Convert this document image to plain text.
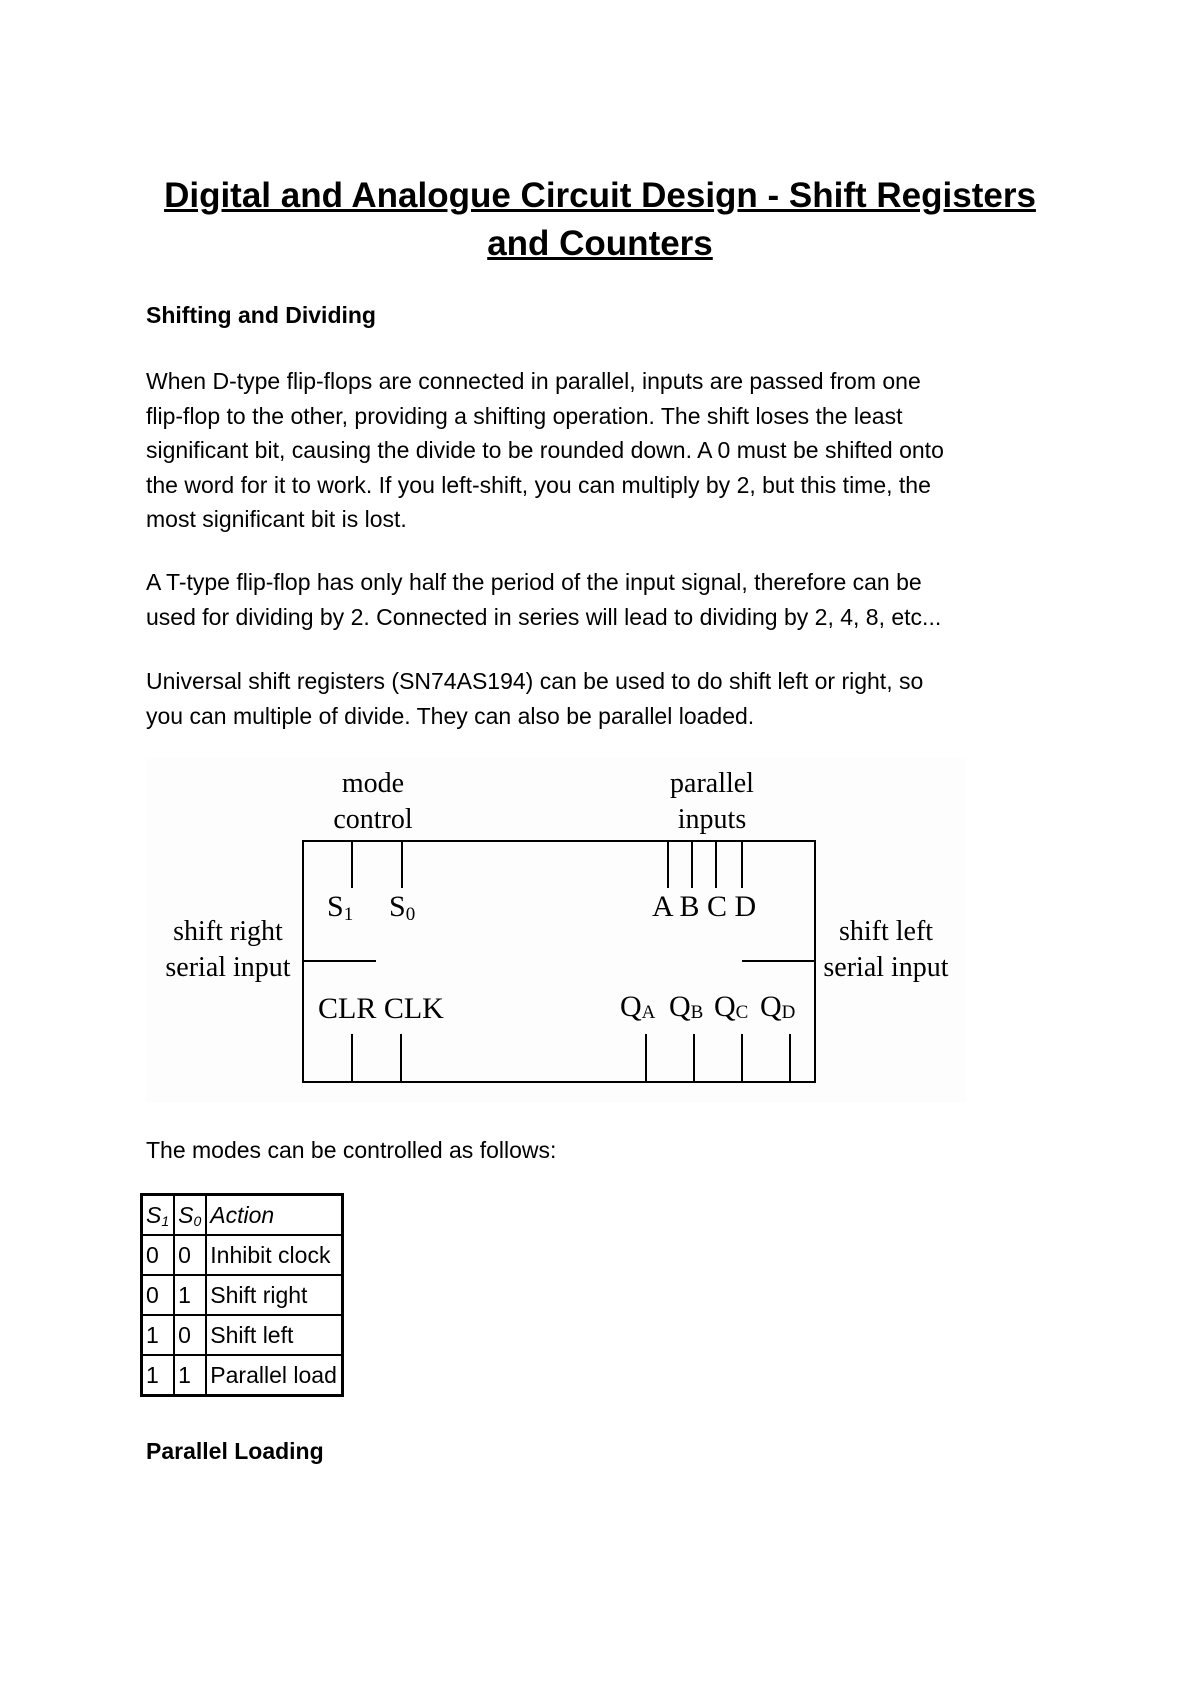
Digital and Analogue Circuit Design - Shift Registers
and Counters
Shifting and Dividing
When D-type flip-flops are connected in parallel, inputs are passed from one
flip-flop to the other, providing a shifting operation. The shift loses the least
significant bit, causing the divide to be rounded down. A 0 must be shifted onto
the word for it to work. If you left-shift, you can multiply by 2, but this time, the
most significant bit is lost.
A T-type flip-flop has only half the period of the input signal, therefore can be
used for dividing by 2. Connected in series will lead to dividing by 2, 4, 8, etc...
Universal shift registers (SN74AS194) can be used to do shift left or right, so
you can multiple of divide. They can also be parallel loaded.
mode
control
parallel
inputs
S1 S0	A B C D
shift right
serial input
shift left
serial input
CLR CLK	QA QB QC QD
The modes can be controlled as follows:
$S_1$	$S_0$	Action
0	0	Inhibit clock
0	1	Shift right
1	0	Shift left
1	1	Parallel load
Parallel Loading
